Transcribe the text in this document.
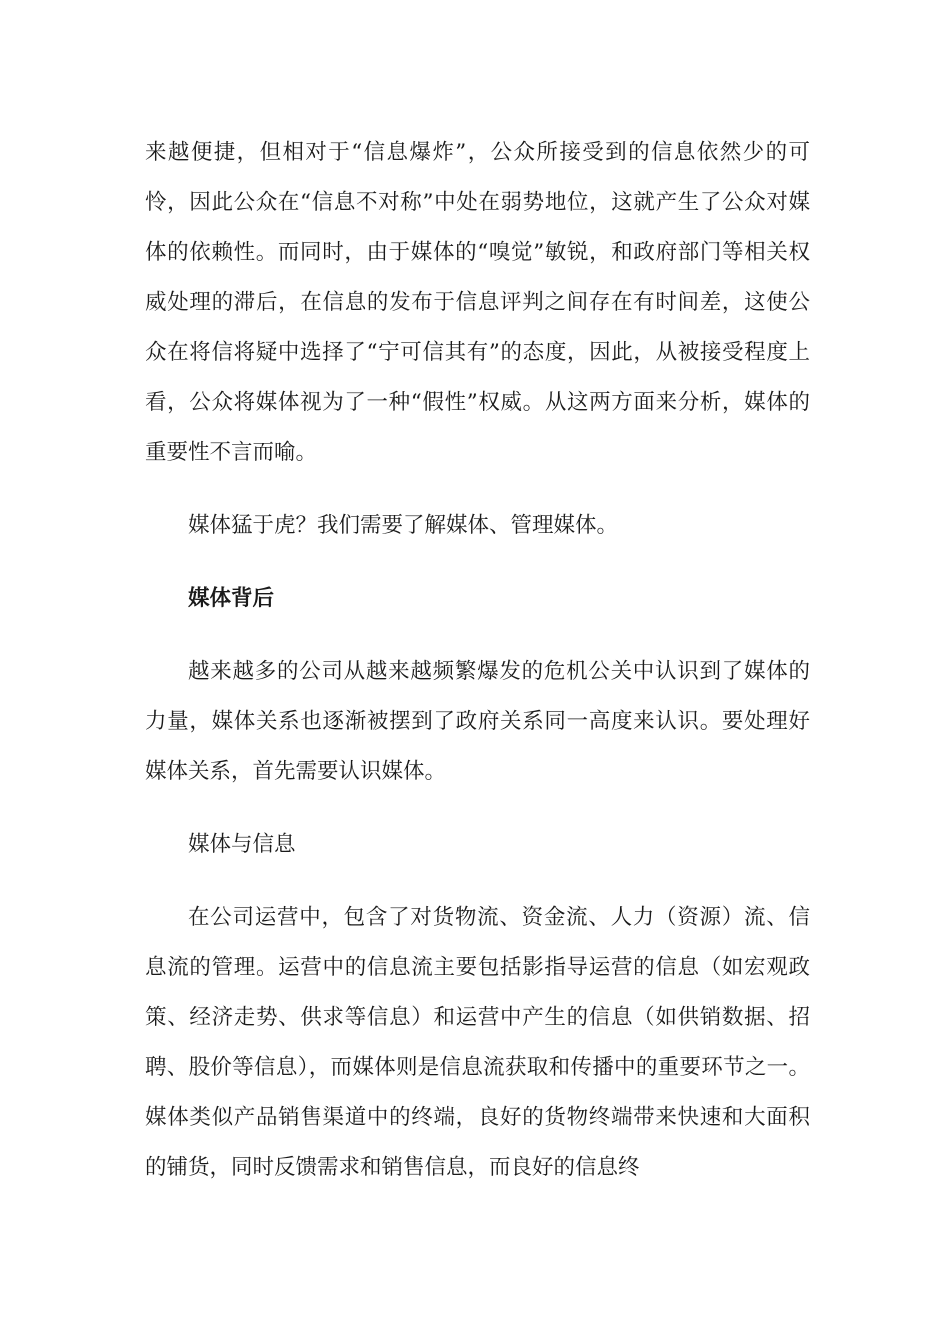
来越便捷，但相对于“信息爆炸”，公众所接受到的信息依然少的可怜，因此公众在“信息不对称”中处在弱势地位，这就产生了公众对媒体的依赖性。而同时，由于媒体的“嗅觉”敏锐，和政府部门等相关权威处理的滞后，在信息的发布于信息评判之间存在有时间差，这使公众在将信将疑中选择了“宁可信其有”的态度，因此，从被接受程度上看，公众将媒体视为了一种“假性”权威。从这两方面来分析，媒体的重要性不言而喻。

媒体猛于虎？我们需要了解媒体、管理媒体。

媒体背后

越来越多的公司从越来越频繁爆发的危机公关中认识到了媒体的力量，媒体关系也逐渐被摆到了政府关系同一高度来认识。要处理好媒体关系，首先需要认识媒体。

媒体与信息

在公司运营中，包含了对货物流、资金流、人力（资源）流、信息流的管理。运营中的信息流主要包括影指导运营的信息（如宏观政策、经济走势、供求等信息）和运营中产生的信息（如供销数据、招聘、股价等信息），而媒体则是信息流获取和传播中的重要环节之一。媒体类似产品销售渠道中的终端，良好的货物终端带来快速和大面积的铺货，同时反馈需求和销售信息，而良好的信息终
